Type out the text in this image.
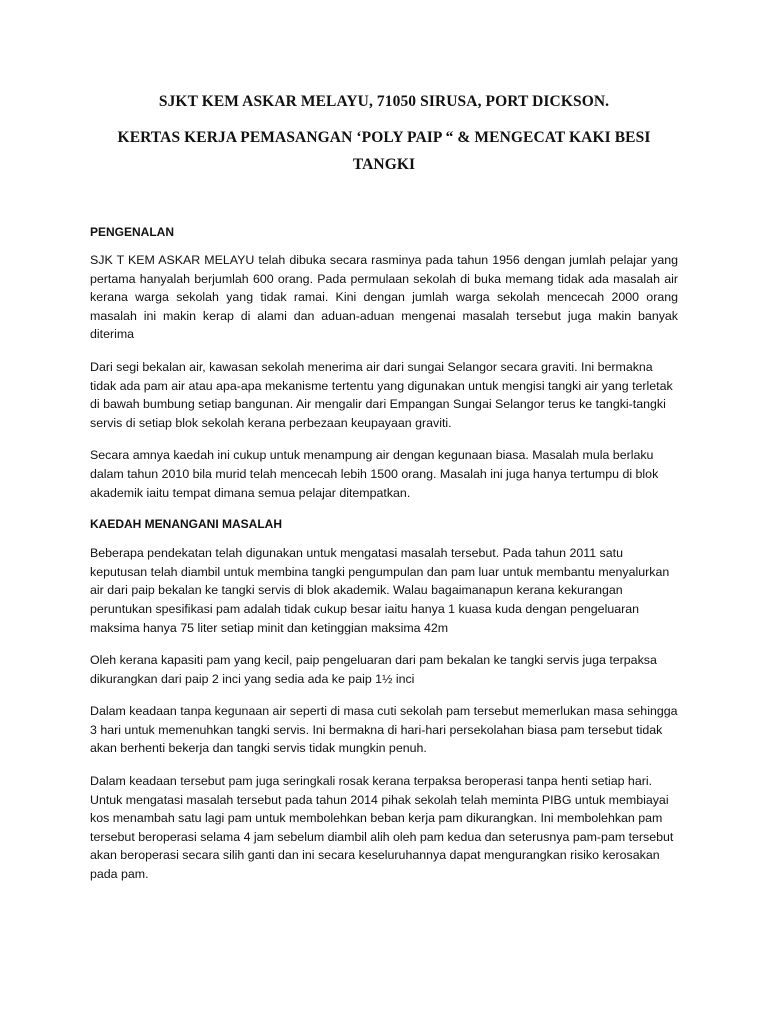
SJKT KEM ASKAR MELAYU, 71050 SIRUSA, PORT DICKSON.

KERTAS KERJA PEMASANGAN ‘POLY PAIP “ & MENGECAT KAKI BESI TANGKI

PENGENALAN

SJK T KEM ASKAR MELAYU telah dibuka secara rasminya pada tahun 1956 dengan jumlah pelajar yang pertama hanyalah berjumlah 600 orang. Pada permulaan sekolah di buka memang tidak ada masalah air kerana warga sekolah yang tidak ramai. Kini dengan jumlah warga sekolah mencecah 2000 orang masalah ini makin kerap di alami dan aduan-aduan mengenai masalah tersebut juga makin banyak diterima

Dari segi bekalan air, kawasan sekolah menerima air dari sungai Selangor secara graviti. Ini bermakna tidak ada pam air atau apa-apa mekanisme tertentu yang digunakan untuk mengisi tangki air yang terletak di bawah bumbung setiap bangunan. Air mengalir dari Empangan Sungai Selangor terus ke tangki-tangki servis di setiap blok sekolah kerana perbezaan keupayaan graviti.

Secara amnya kaedah ini cukup untuk menampung air dengan kegunaan biasa. Masalah mula berlaku dalam tahun 2010 bila murid telah mencecah lebih 1500 orang. Masalah ini juga hanya tertumpu di blok akademik iaitu tempat dimana semua pelajar ditempatkan.

KAEDAH MENANGANI MASALAH

Beberapa pendekatan telah digunakan untuk mengatasi masalah tersebut. Pada tahun 2011 satu keputusan telah diambil untuk membina tangki pengumpulan dan pam luar untuk membantu menyalurkan air dari paip bekalan ke tangki servis di blok akademik. Walau bagaimanapun kerana kekurangan peruntukan spesifikasi pam adalah tidak cukup besar iaitu hanya 1 kuasa kuda dengan pengeluaran maksima hanya 75 liter setiap minit dan ketinggian maksima 42m

Oleh kerana kapasiti pam yang kecil, paip pengeluaran dari pam bekalan ke tangki servis juga terpaksa dikurangkan dari paip 2 inci yang sedia ada ke paip 1½ inci

Dalam keadaan tanpa kegunaan air seperti di masa cuti sekolah pam tersebut memerlukan masa sehingga 3 hari untuk memenuhkan tangki servis. Ini bermakna di hari-hari persekolahan biasa pam tersebut tidak akan berhenti bekerja dan tangki servis tidak mungkin penuh.

Dalam keadaan tersebut pam juga seringkali rosak kerana terpaksa beroperasi tanpa henti setiap hari. Untuk mengatasi masalah tersebut pada tahun 2014 pihak sekolah telah meminta PIBG untuk membiayai kos menambah satu lagi pam untuk membolehkan beban kerja pam dikurangkan. Ini membolehkan pam tersebut beroperasi selama 4 jam sebelum diambil alih oleh pam kedua dan seterusnya pam-pam tersebut akan beroperasi secara silih ganti dan ini secara keseluruhannya dapat mengurangkan risiko kerosakan pada pam.
